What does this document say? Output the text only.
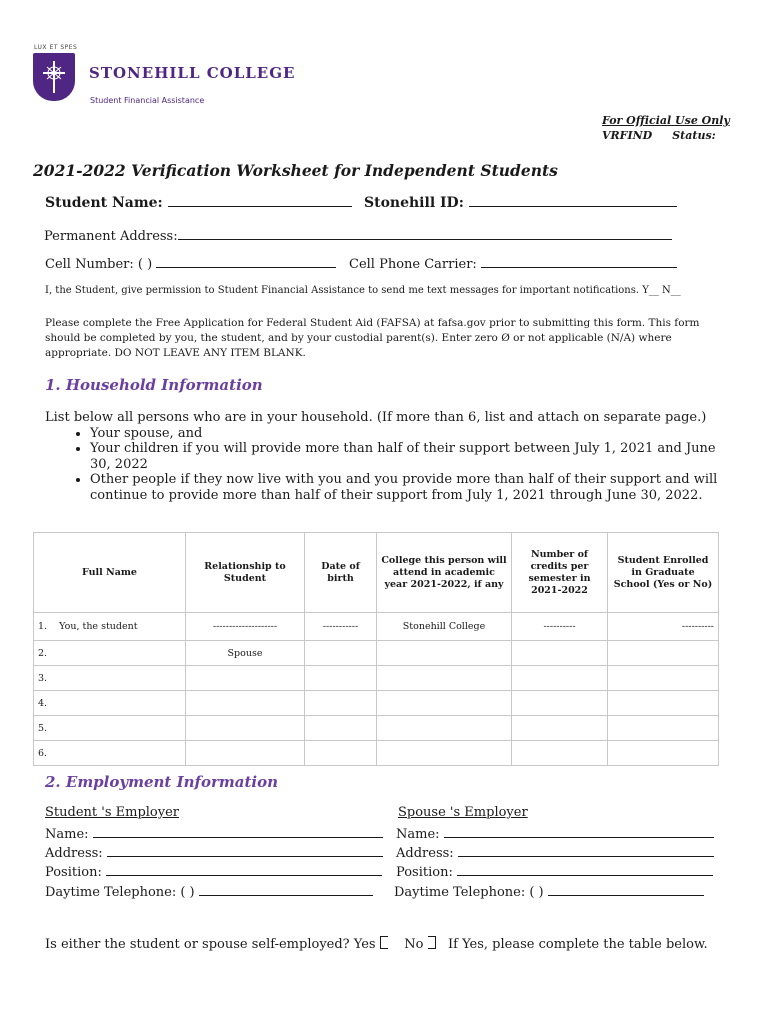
LUX ET SPES
STONEHILL COLLEGE
Student Financial Assistance
For Official Use Only
VRFIND Status:
2021-2022 Verification Worksheet for Independent Students
Student Name:	Stonehill ID:
Permanent Address:
Cell Number: ( )	Cell Phone Carrier:
I, the Student, give permission to Student Financial Assistance to send me text messages for important notifications. Y__ N__
Please complete the Free Application for Federal Student Aid (FAFSA) at fafsa.gov prior to submitting this form. This form should be completed by you, the student, and by your custodial parent(s). Enter zero Ø or not applicable (N/A) where appropriate. DO NOT LEAVE ANY ITEM BLANK.
1. Household Information
List below all persons who are in your household. (If more than 6, list and attach on separate page.)
• Your spouse, and
• Your children if you will provide more than half of their support between July 1, 2021 and June 30, 2022
• Other people if they now live with you and you provide more than half of their support and will continue to provide more than half of their support from July 1, 2021 through June 30, 2022.
Full Name	Relationship to Student	Date of birth	College this person will attend in academic year 2021-2022, if any	Number of credits per semester in 2021-2022	Student Enrolled in Graduate School (Yes or No)
1. You, the student	--------------------	-----------	Stonehill College	----------	----------
2.	Spouse				
3.					
4.					
5.					
6.					
2. Employment Information
Student 's Employer	Spouse 's Employer
Name:	Name:
Address:	Address:
Position:	Position:
Daytime Telephone: ( )	Daytime Telephone: ( )
Is either the student or spouse self-employed? Yes No If Yes, please complete the table below.
